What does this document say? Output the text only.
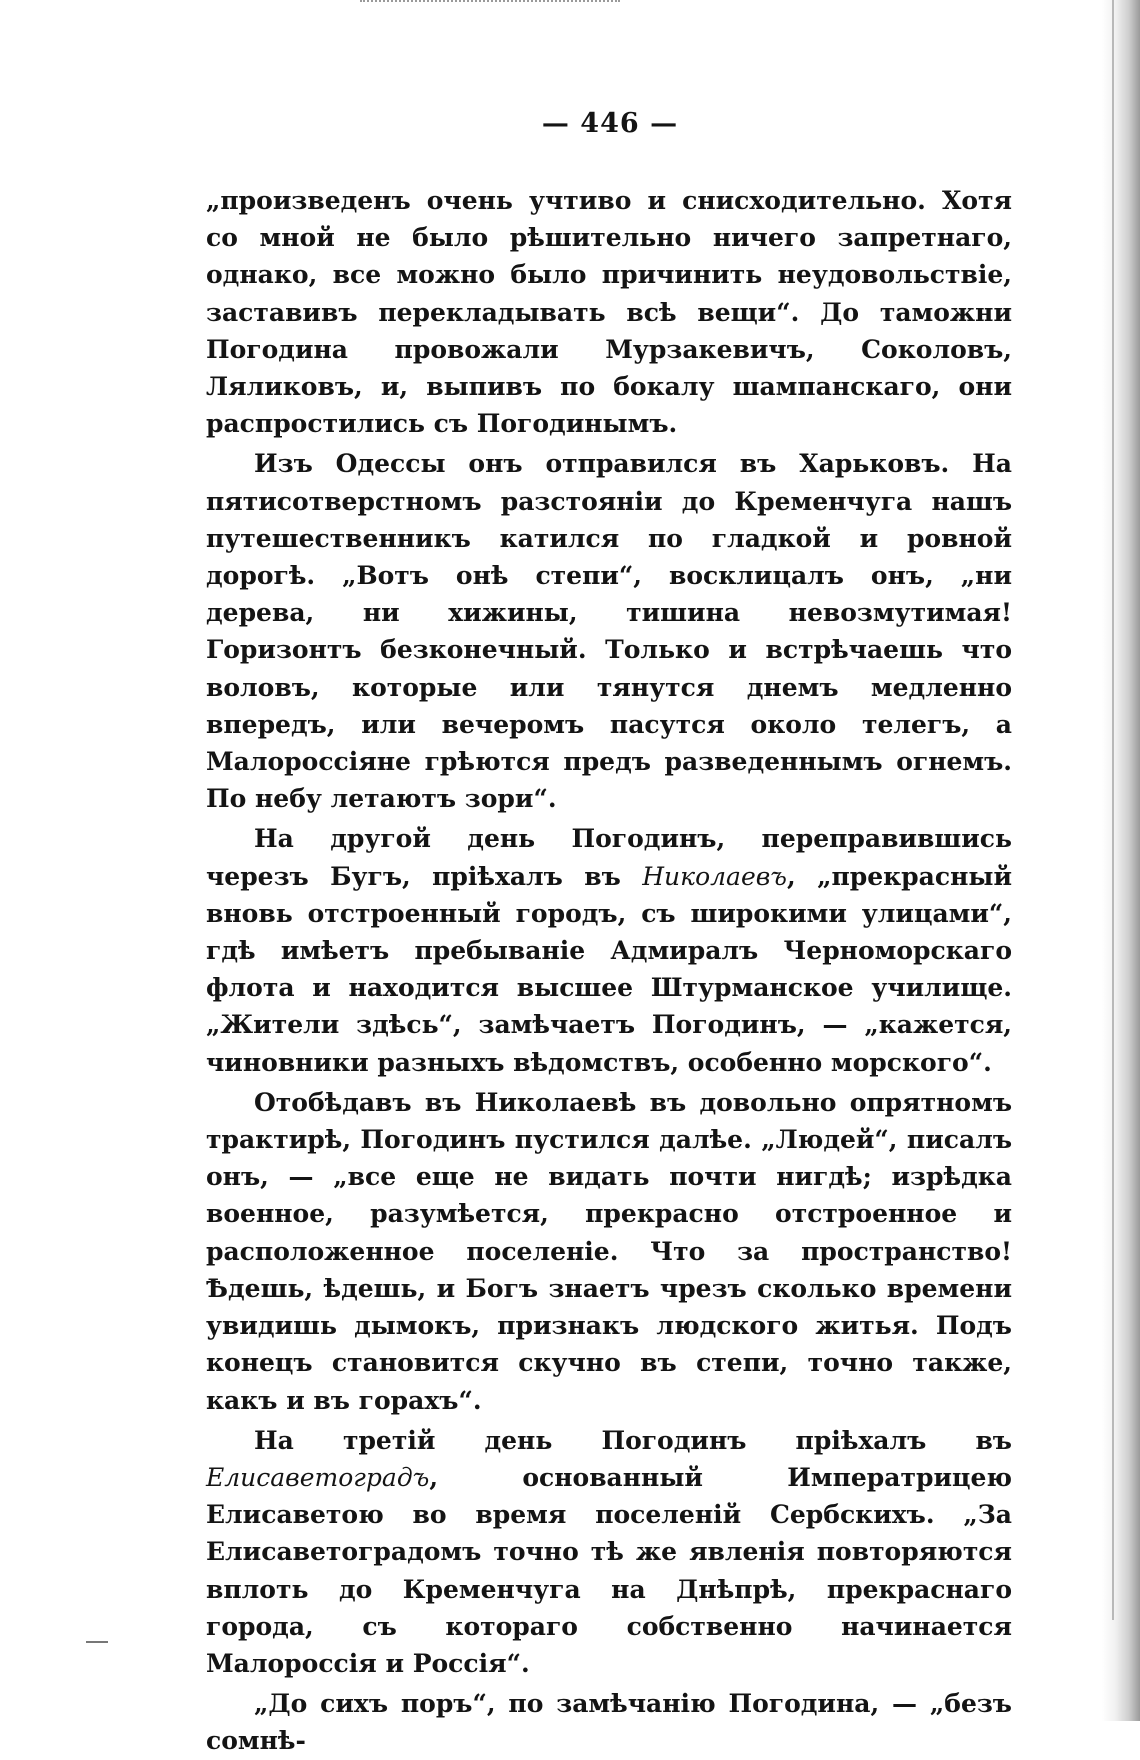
— 446 —

„произведенъ очень учтиво и снисходительно. Хотя со мной не было рѣшительно ничего запретнаго, однако, все можно было причинить неудовольствіе, заставивъ перекладывать всѣ вещи“. До таможни Погодина провожали Мурзакевичъ, Соколовъ, Ляликовъ, и, выпивъ по бокалу шампанскаго, они распростились съ Погодинымъ.

Изъ Одессы онъ отправился въ Харьковъ. На пятисотверстномъ разстояніи до Кременчуга нашъ путешественникъ катился по гладкой и ровной дорогѣ. „Вотъ онѣ степи“, восклицалъ онъ, „ни дерева, ни хижины, тишина невозмутимая! Горизонтъ безконечный. Только и встрѣчаешь что воловъ, которые или тянутся днемъ медленно впередъ, или вечеромъ пасутся около телегъ, а Малороссіяне грѣются предъ разведеннымъ огнемъ. По небу летаютъ зори“.

На другой день Погодинъ, переправившись черезъ Бугъ, пріѣхалъ въ Николаевъ, „прекрасный вновь отстроенный городъ, съ широкими улицами“, гдѣ имѣетъ пребываніе Адмиралъ Черноморскаго флота и находится высшее Штурманское училище. „Жители здѣсь“, замѣчаетъ Погодинъ, — „кажется, чиновники разныхъ вѣдомствъ, особенно морского“.

Отобѣдавъ въ Николаевѣ въ довольно опрятномъ трактирѣ, Погодинъ пустился далѣе. „Людей“, писалъ онъ, — „все еще не видать почти нигдѣ; изрѣдка военное, разумѣется, прекрасно отстроенное и расположенное поселеніе. Что за пространство! Ѣдешь, ѣдешь, и Богъ знаетъ чрезъ сколько времени увидишь дымокъ, признакъ людского житья. Подъ конецъ становится скучно въ степи, точно также, какъ и въ горахъ“.

На третій день Погодинъ пріѣхалъ въ Елисаветоградъ, основанный Императрицею Елисаветою во время поселеній Сербскихъ. „За Елисаветоградомъ точно тѣ же явленія повторяются вплоть до Кременчуга на Днѣпрѣ, прекраснаго города, съ котораго собственно начинается Малороссія и Россія“.

„До сихъ поръ“, по замѣчанію Погодина, — „безъ сомнѣ-
